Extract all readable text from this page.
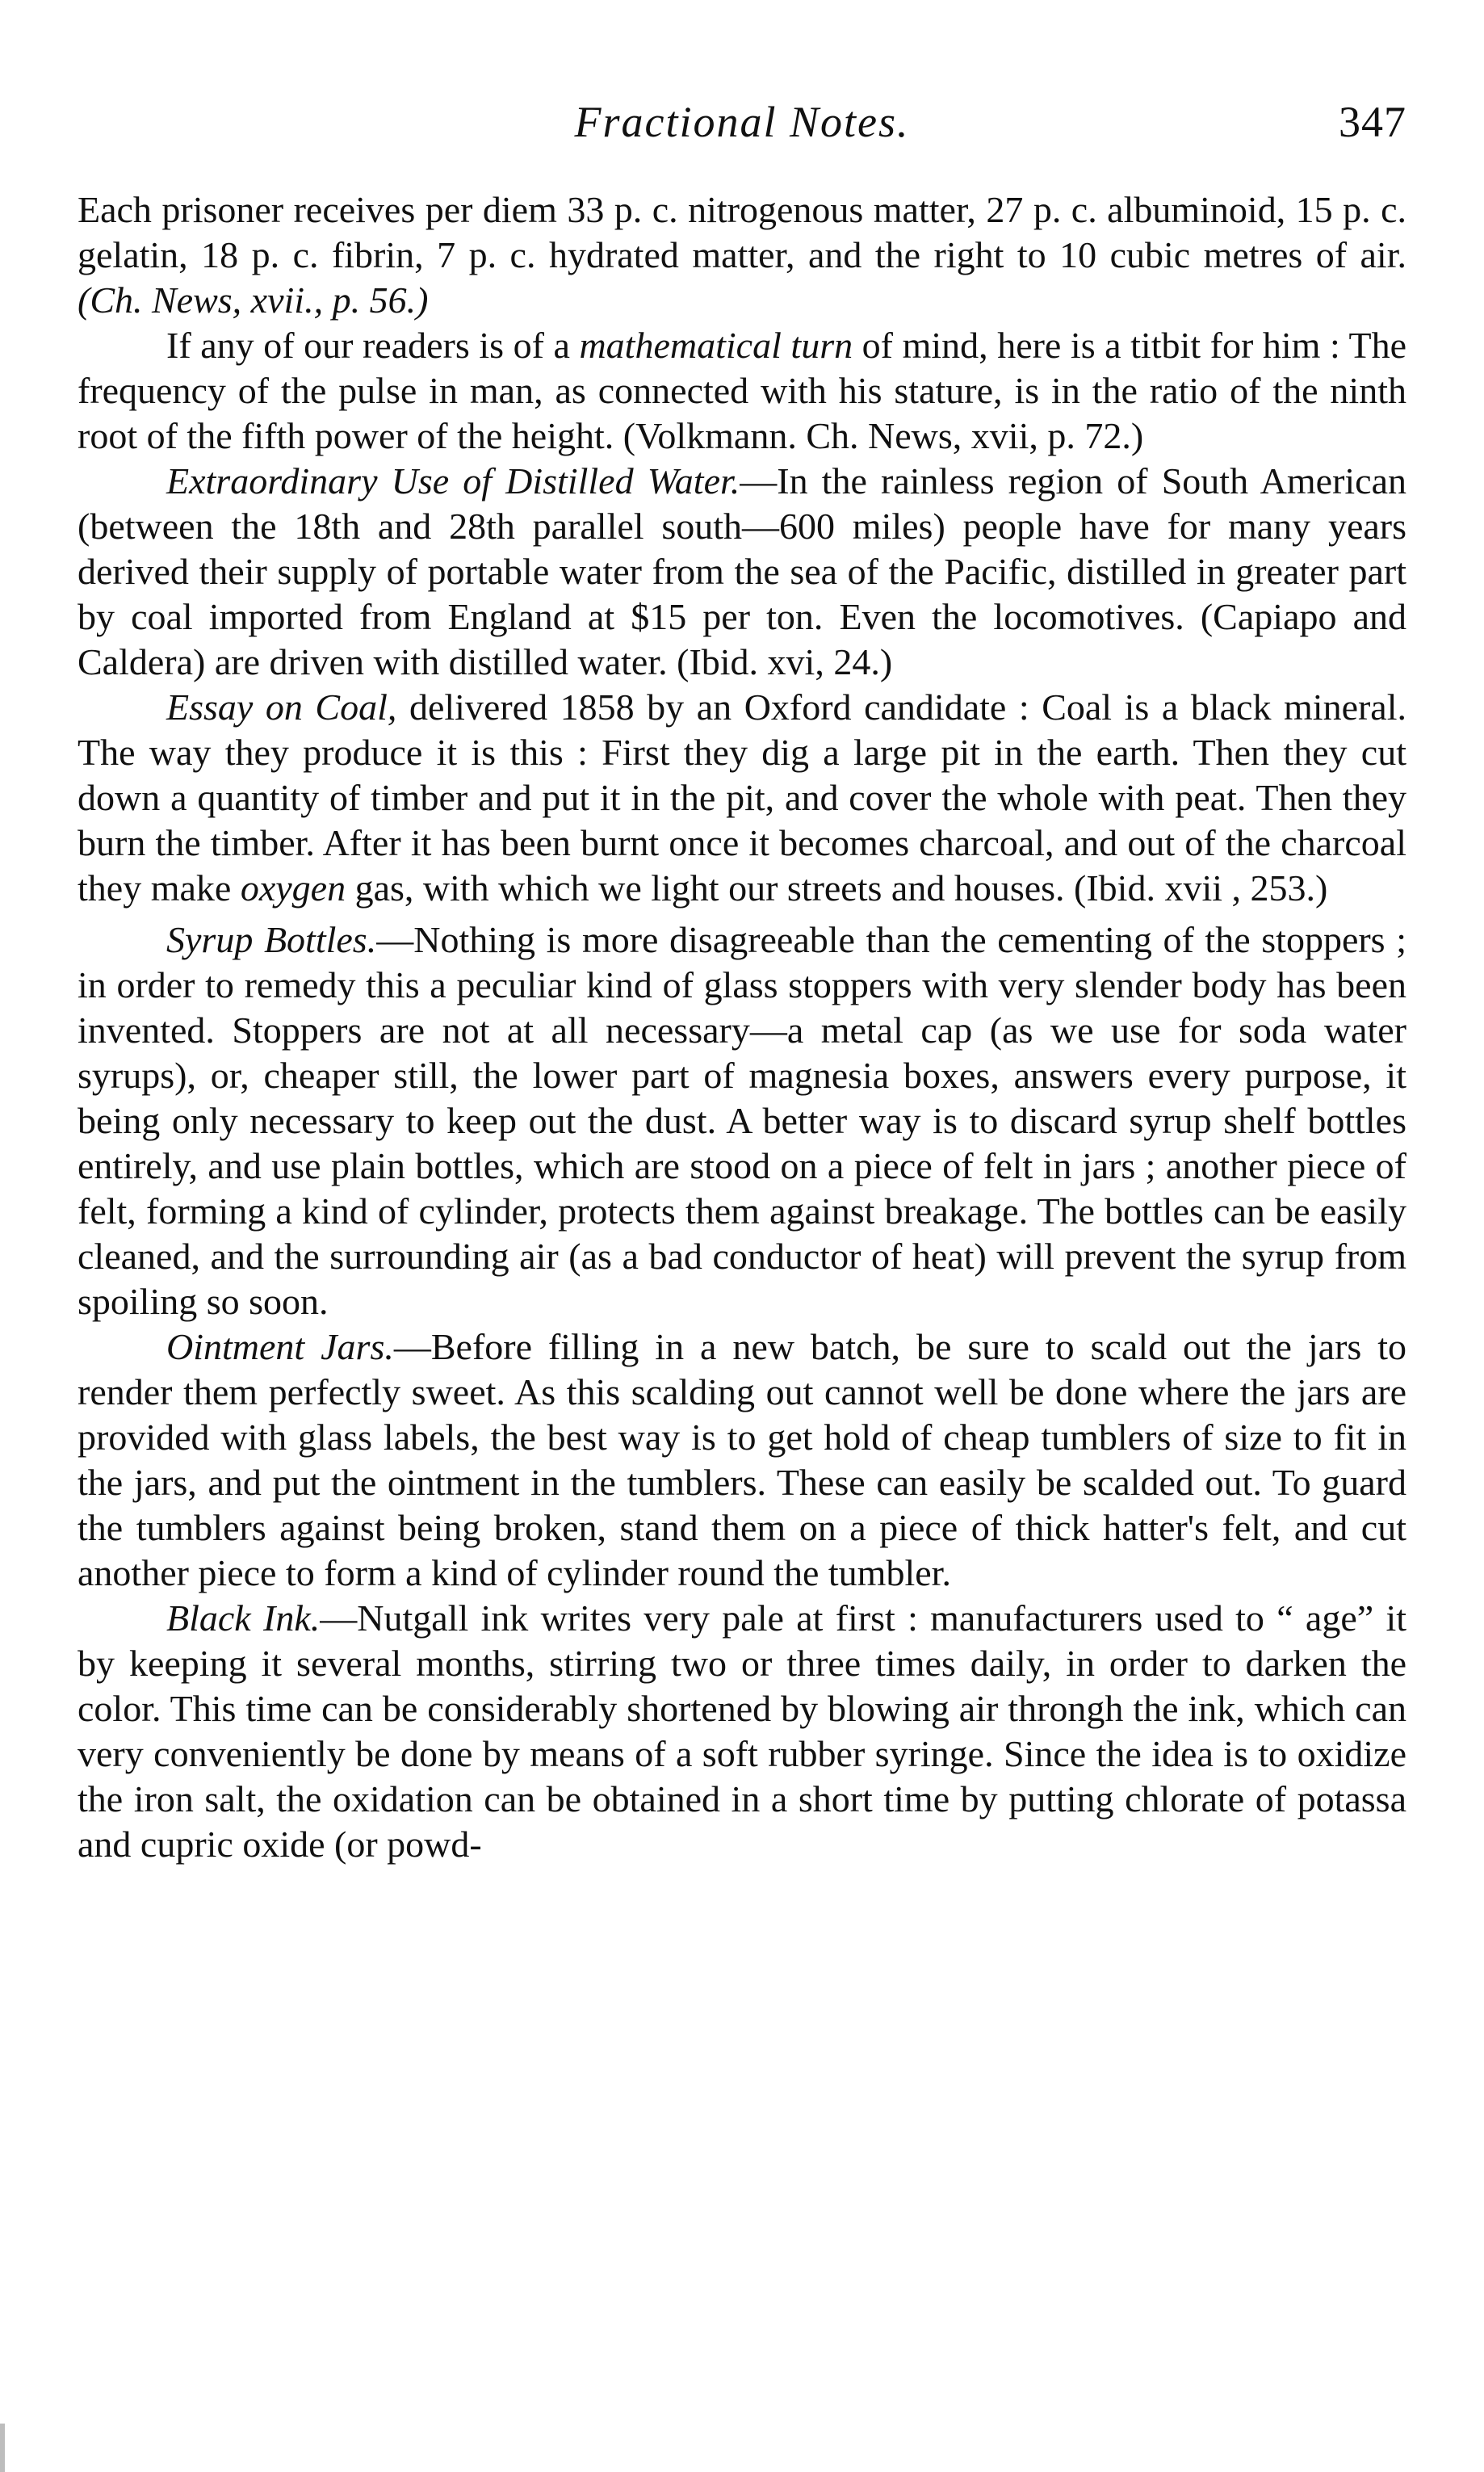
Fractional Notes.	347

Each prisoner receives per diem 33 p. c. nitrogenous matter, 27 p. c. albuminoid, 15 p. c. gelatin, 18 p. c. fibrin, 7 p. c. hydrated matter, and the right to 10 cubic metres of air. (Ch. News, xvii., p. 56.)

If any of our readers is of a mathematical turn of mind, here is a titbit for him : The frequency of the pulse in man, as connected with his stature, is in the ratio of the ninth root of the fifth power of the height. (Volkmann. Ch. News, xvii, p. 72.)

Extraordinary Use of Distilled Water.—In the rainless region of South American (between the 18th and 28th parallel south—600 miles) people have for many years derived their supply of portable water from the sea of the Pacific, distilled in greater part by coal imported from England at $15 per ton. Even the locomotives. (Capiapo and Caldera) are driven with distilled water. (Ibid. xvi, 24.)

Essay on Coal, delivered 1858 by an Oxford candidate : Coal is a black mineral. The way they produce it is this : First they dig a large pit in the earth. Then they cut down a quantity of timber and put it in the pit, and cover the whole with peat. Then they burn the timber. After it has been burnt once it becomes charcoal, and out of the charcoal they make oxygen gas, with which we light our streets and houses. (Ibid. xvii , 253.)

Syrup Bottles.—Nothing is more disagreeable than the cementing of the stoppers ; in order to remedy this a peculiar kind of glass stoppers with very slender body has been invented. Stoppers are not at all necessary—a metal cap (as we use for soda water syrups), or, cheaper still, the lower part of magnesia boxes, answers every purpose, it being only necessary to keep out the dust. A better way is to discard syrup shelf bottles entirely, and use plain bottles, which are stood on a piece of felt in jars ; another piece of felt, forming a kind of cylinder, protects them against breakage. The bottles can be easily cleaned, and the surrounding air (as a bad conductor of heat) will prevent the syrup from spoiling so soon.

Ointment Jars.—Before filling in a new batch, be sure to scald out the jars to render them perfectly sweet. As this scalding out cannot well be done where the jars are provided with glass labels, the best way is to get hold of cheap tumblers of size to fit in the jars, and put the ointment in the tumblers. These can easily be scalded out. To guard the tumblers against being broken, stand them on a piece of thick hatter's felt, and cut another piece to form a kind of cylinder round the tumbler.

Black Ink.—Nutgall ink writes very pale at first : manufacturers used to “ age” it by keeping it several months, stirring two or three times daily, in order to darken the color. This time can be considerably shortened by blowing air throngh the ink, which can very conveniently be done by means of a soft rubber syringe. Since the idea is to oxidize the iron salt, the oxidation can be obtained in a short time by putting chlorate of potassa and cupric oxide (or powd-
